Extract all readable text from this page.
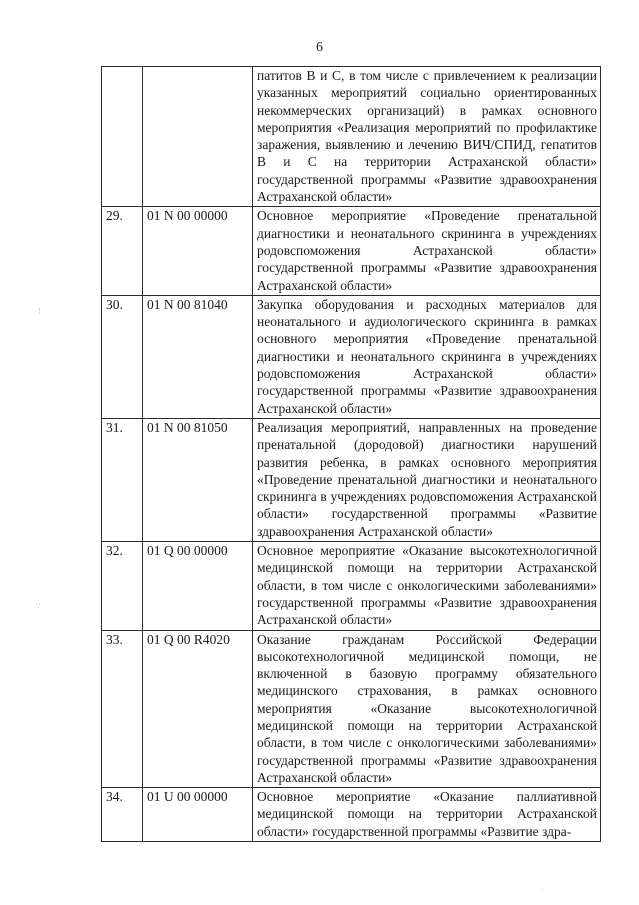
6
		патитов В и С, в том числе с привлечением к реализации указанных мероприятий социально ориентированных некоммерческих организаций) в рамках основного мероприятия «Реализация мероприятий по профилактике заражения, выявлению и лечению ВИЧ/СПИД, гепатитов В и С на территории Астраханской области» государственной программы «Развитие здравоохранения Астраханской области»
29.	01 N 00 00000	Основное мероприятие «Проведение пренатальной диагностики и неонатального скрининга в учреждениях родовспоможения Астраханской области» государственной программы «Развитие здравоохранения Астраханской области»
30.	01 N 00 81040	Закупка оборудования и расходных материалов для неонатального и аудиологического скрининга в рамках основного мероприятия «Проведение пренатальной диагностики и неонатального скрининга в учреждениях родовспоможения Астраханской области» государственной программы «Развитие здравоохранения Астраханской области»
31.	01 N 00 81050	Реализация мероприятий, направленных на проведение пренатальной (дородовой) диагностики нарушений развития ребенка, в рамках основного мероприятия «Проведение пренатальной диагностики и неонатального скрининга в учреждениях родовспоможения Астраханской области» государственной программы «Развитие здравоохранения Астраханской области»
32.	01 Q 00 00000	Основное мероприятие «Оказание высокотехнологичной медицинской помощи на территории Астраханской области, в том числе с онкологическими заболеваниями» государственной программы «Развитие здравоохранения Астраханской области»
33.	01 Q 00 R4020	Оказание гражданам Российской Федерации высокотехнологичной медицинской помощи, не включенной в базовую программу обязательного медицинского страхования, в рамках основного мероприятия «Оказание высокотехнологичной медицинской помощи на территории Астраханской области, в том числе с онкологическими заболеваниями» государственной программы «Развитие здравоохранения Астраханской области»
34.	01 U 00 00000	Основное мероприятие «Оказание паллиативной медицинской помощи на территории Астраханской области» государственной программы «Развитие здра-
⋮
∵
·
